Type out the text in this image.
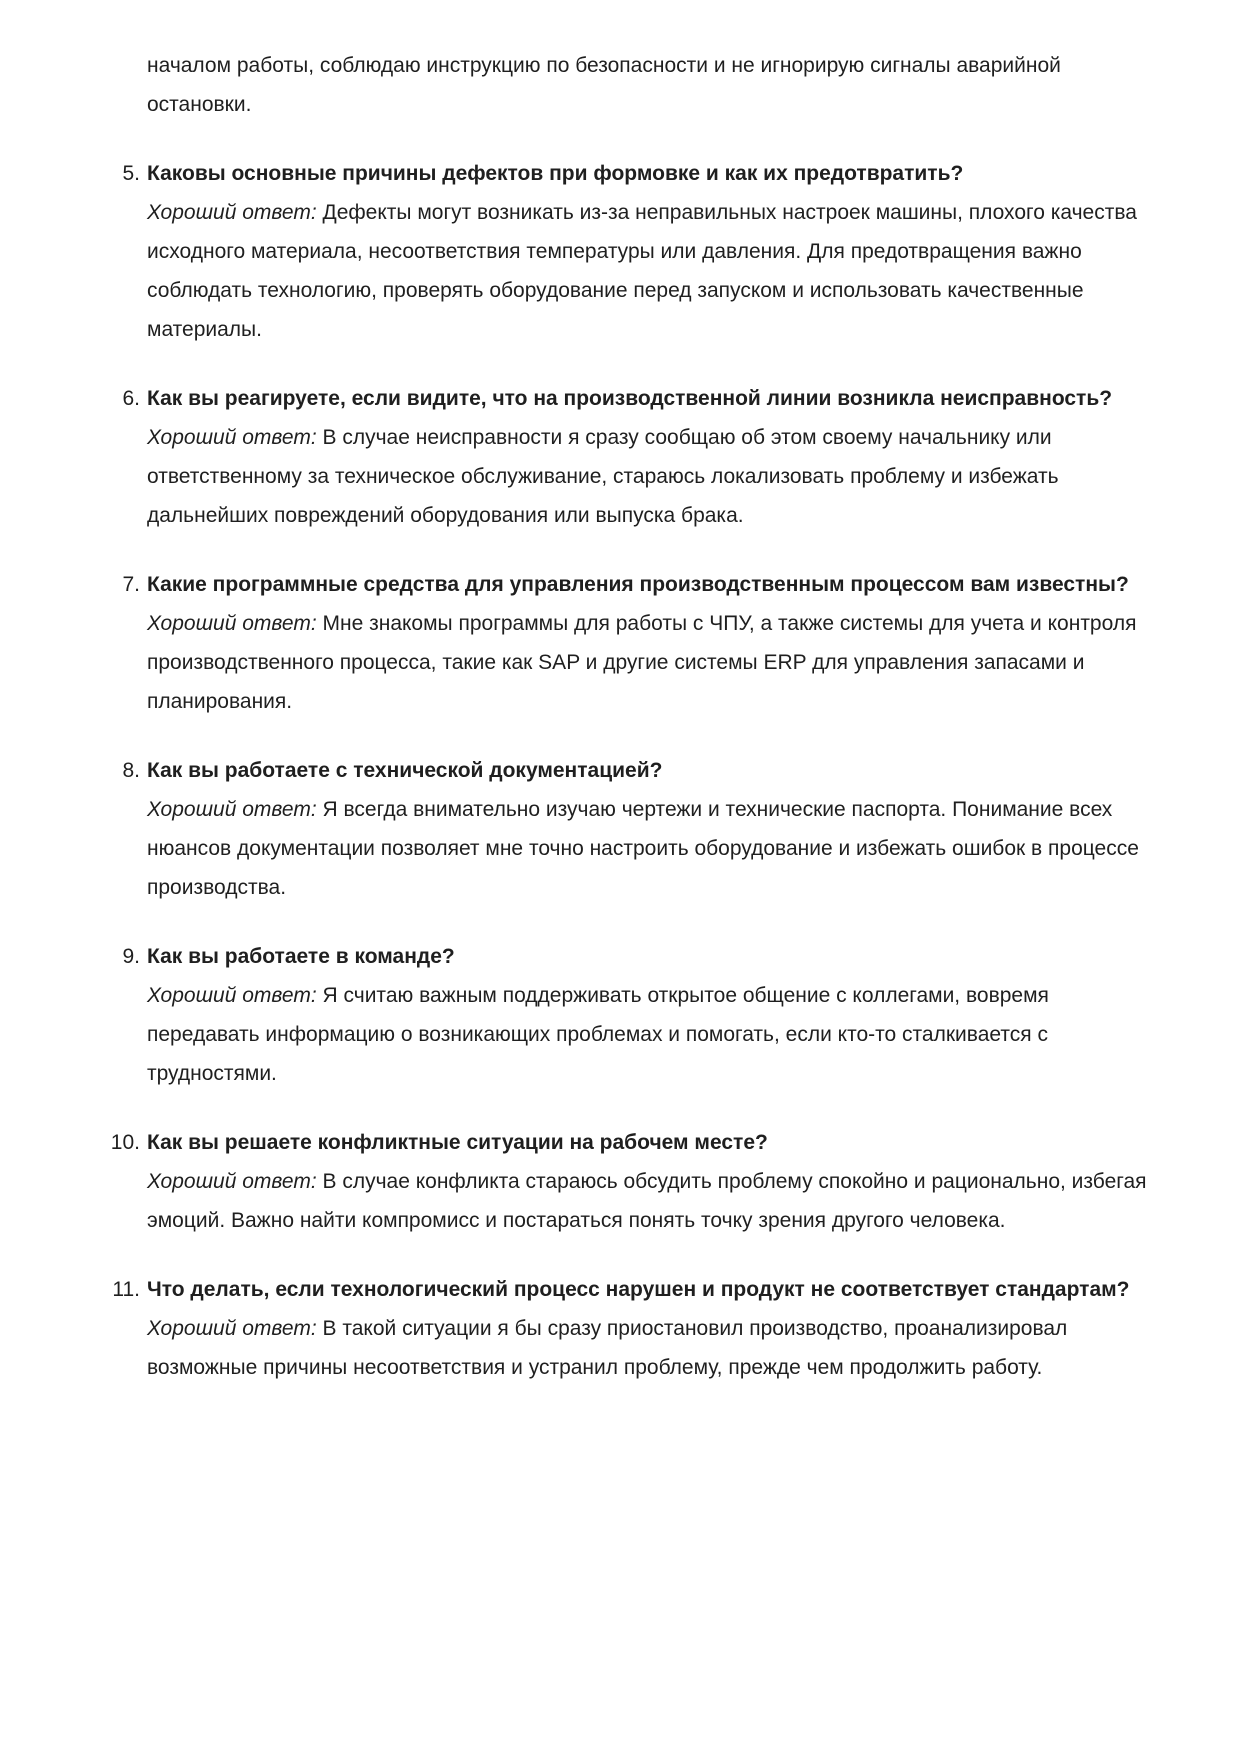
началом работы, соблюдаю инструкцию по безопасности и не игнорирую сигналы аварийной остановки.

5. Каковы основные причины дефектов при формовке и как их предотвратить?

Хороший ответ: Дефекты могут возникать из-за неправильных настроек машины, плохого качества исходного материала, несоответствия температуры или давления. Для предотвращения важно соблюдать технологию, проверять оборудование перед запуском и использовать качественные материалы.

6. Как вы реагируете, если видите, что на производственной линии возникла неисправность?

Хороший ответ: В случае неисправности я сразу сообщаю об этом своему начальнику или ответственному за техническое обслуживание, стараюсь локализовать проблему и избежать дальнейших повреждений оборудования или выпуска брака.

7. Какие программные средства для управления производственным процессом вам известны?

Хороший ответ: Мне знакомы программы для работы с ЧПУ, а также системы для учета и контроля производственного процесса, такие как SAP и другие системы ERP для управления запасами и планирования.

8. Как вы работаете с технической документацией?

Хороший ответ: Я всегда внимательно изучаю чертежи и технические паспорта. Понимание всех нюансов документации позволяет мне точно настроить оборудование и избежать ошибок в процессе производства.

9. Как вы работаете в команде?

Хороший ответ: Я считаю важным поддерживать открытое общение с коллегами, вовремя передавать информацию о возникающих проблемах и помогать, если кто-то сталкивается с трудностями.

10. Как вы решаете конфликтные ситуации на рабочем месте?

Хороший ответ: В случае конфликта стараюсь обсудить проблему спокойно и рационально, избегая эмоций. Важно найти компромисс и постараться понять точку зрения другого человека.

11. Что делать, если технологический процесс нарушен и продукт не соответствует стандартам?

Хороший ответ: В такой ситуации я бы сразу приостановил производство, проанализировал возможные причины несоответствия и устранил проблему, прежде чем продолжить работу.
